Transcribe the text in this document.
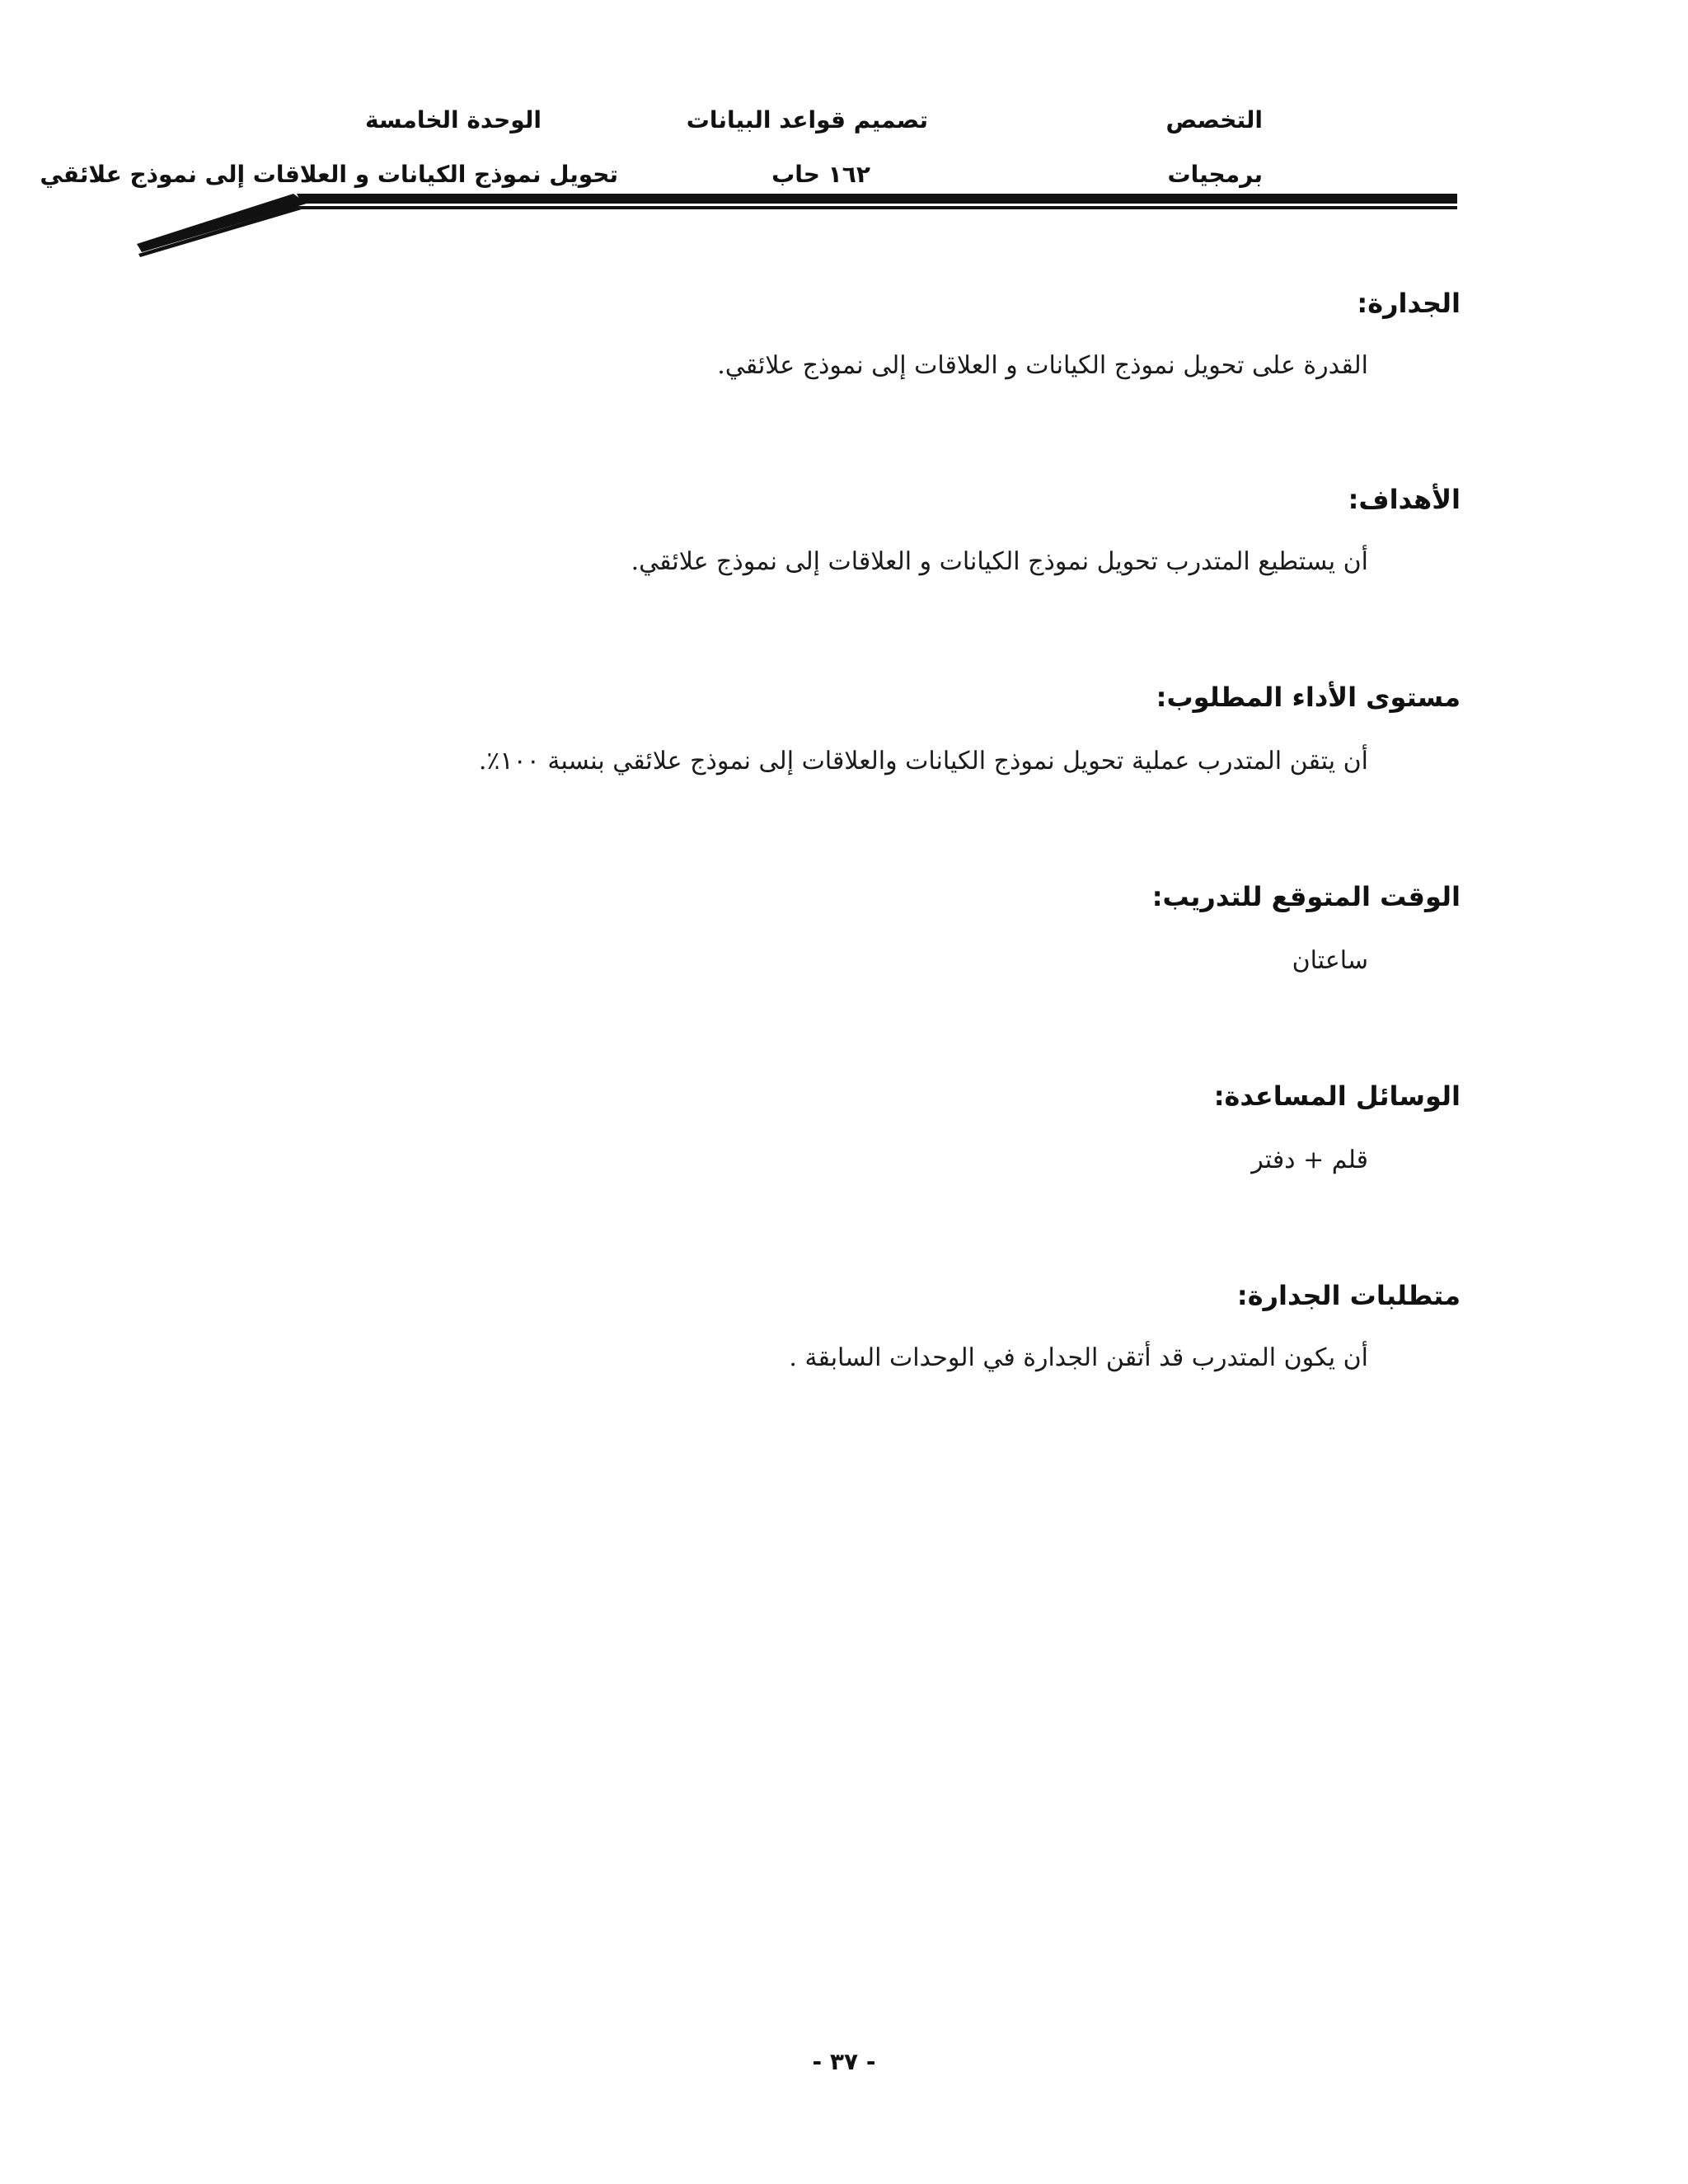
التخصص
برمجيات
تصميم قواعد البيانات
١٦٢ حاب
الوحدة الخامسة
تحويل نموذج الكيانات و العلاقات إلى نموذج علائقي
الجدارة:
القدرة على تحويل نموذج الكيانات و العلاقات إلى نموذج علائقي.
الأهداف:
أن يستطيع المتدرب تحويل نموذج الكيانات و العلاقات إلى نموذج علائقي.
مستوى الأداء المطلوب:
أن يتقن المتدرب عملية تحويل نموذج الكيانات والعلاقات إلى نموذج علائقي بنسبة ١٠٠٪.
الوقت المتوقع للتدريب:
ساعتان
الوسائل المساعدة:
قلم + دفتر
متطلبات الجدارة:
أن يكون المتدرب قد أتقن الجدارة في الوحدات السابقة .
- ٣٧ -
